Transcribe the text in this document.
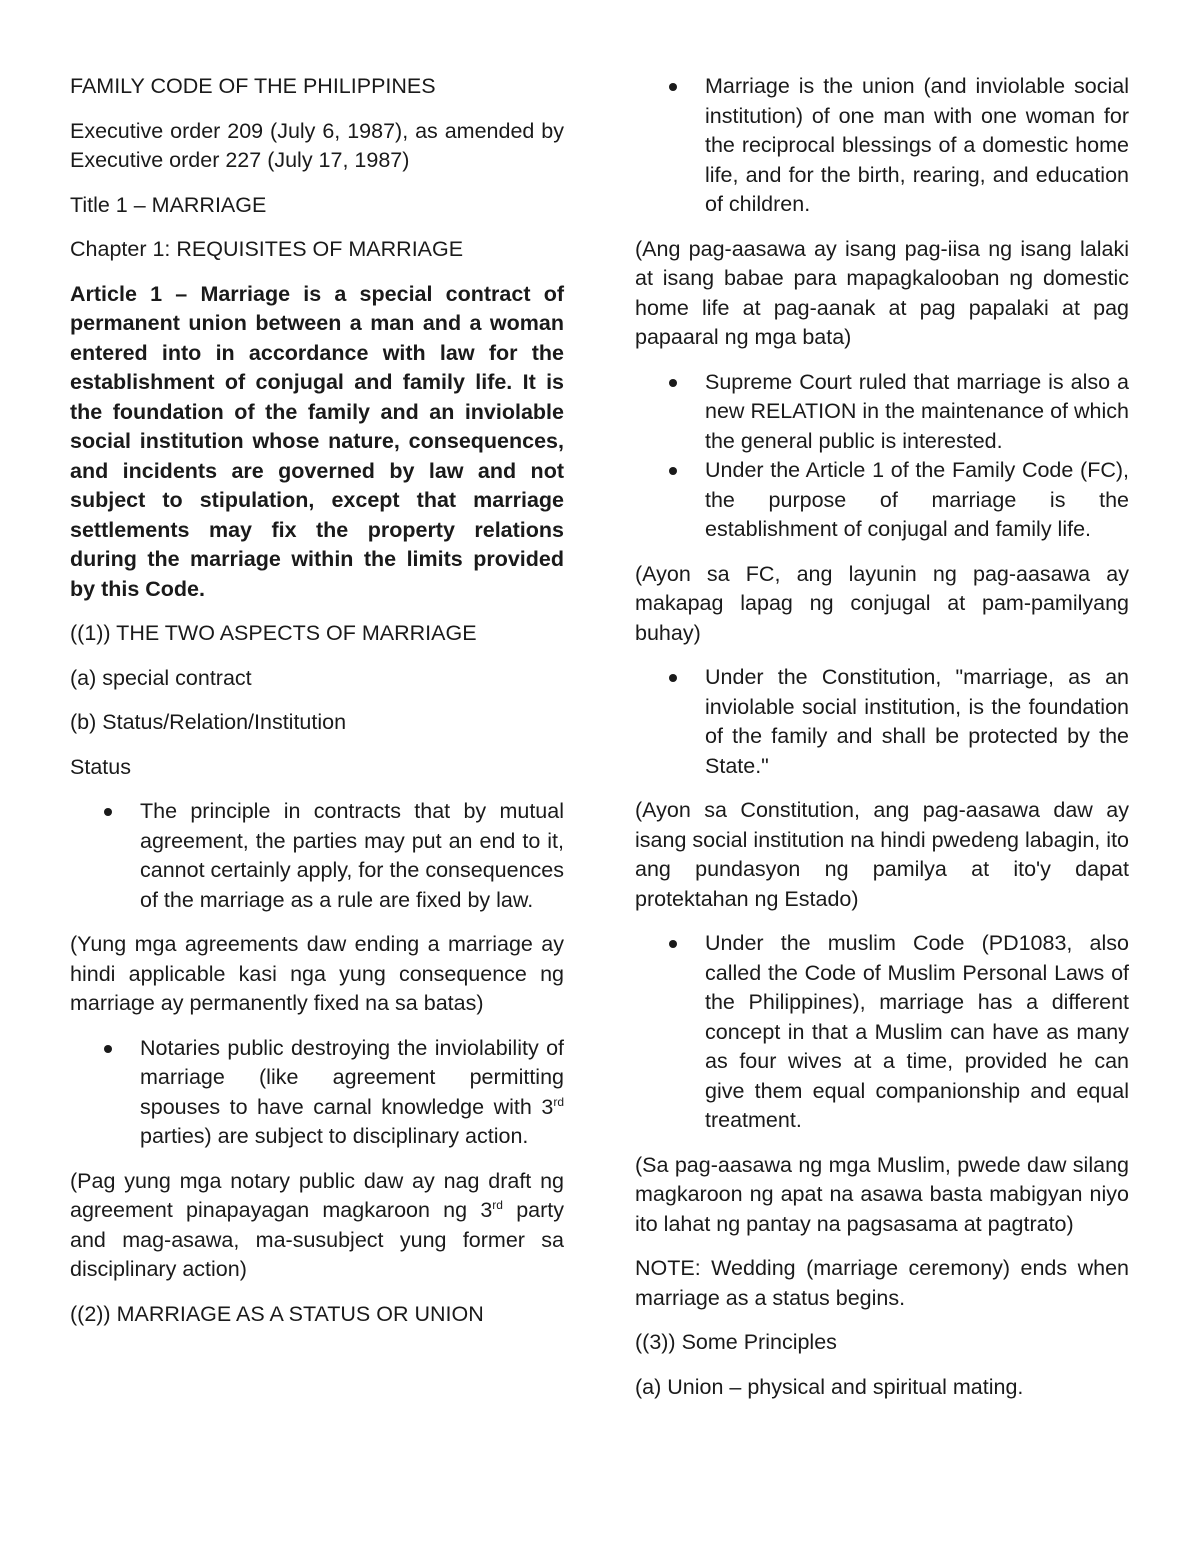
FAMILY CODE OF THE PHILIPPINES

Executive order 209 (July 6, 1987), as amended by Executive order 227 (July 17, 1987)

Title 1 – MARRIAGE

Chapter 1: REQUISITES OF MARRIAGE

Article 1 – Marriage is a special contract of permanent union between a man and a woman entered into in accordance with law for the establishment of conjugal and family life. It is the foundation of the family and an inviolable social institution whose nature, consequences, and incidents are governed by law and not subject to stipulation, except that marriage settlements may fix the property relations during the marriage within the limits provided by this Code.

((1)) THE TWO ASPECTS OF MARRIAGE

(a) special contract

(b) Status/Relation/Institution

Status

The principle in contracts that by mutual agreement, the parties may put an end to it, cannot certainly apply, for the consequences of the marriage as a rule are fixed by law.

(Yung mga agreements daw ending a marriage ay hindi applicable kasi nga yung consequence ng marriage ay permanently fixed na sa batas)

Notaries public destroying the inviolability of marriage (like agreement permitting spouses to have carnal knowledge with 3rd parties) are subject to disciplinary action.

(Pag yung mga notary public daw ay nag draft ng agreement pinapayagan magkaroon ng 3rd party and mag-asawa, ma-susubject yung former sa disciplinary action)

((2)) MARRIAGE AS A STATUS OR UNION

Marriage is the union (and inviolable social institution) of one man with one woman for the reciprocal blessings of a domestic home life, and for the birth, rearing, and education of children.

(Ang pag-aasawa ay isang pag-iisa ng isang lalaki at isang babae para mapagkalooban ng domestic home life at pag-aanak at pag papalaki at pag papaaral ng mga bata)

Supreme Court ruled that marriage is also a new RELATION in the maintenance of which the general public is interested.
Under the Article 1 of the Family Code (FC), the purpose of marriage is the establishment of conjugal and family life.

(Ayon sa FC, ang layunin ng pag-aasawa ay makapag lapag ng conjugal at pam-pamilyang buhay)

Under the Constitution, "marriage, as an inviolable social institution, is the foundation of the family and shall be protected by the State."

(Ayon sa Constitution, ang pag-aasawa daw ay isang social institution na hindi pwedeng labagin, ito ang pundasyon ng pamilya at ito'y dapat protektahan ng Estado)

Under the muslim Code (PD1083, also called the Code of Muslim Personal Laws of the Philippines), marriage has a different concept in that a Muslim can have as many as four wives at a time, provided he can give them equal companionship and equal treatment.

(Sa pag-aasawa ng mga Muslim, pwede daw silang magkaroon ng apat na asawa basta mabigyan niyo ito lahat ng pantay na pagsasama at pagtrato)

NOTE: Wedding (marriage ceremony) ends when marriage as a status begins.

((3)) Some Principles

(a) Union – physical and spiritual mating.
